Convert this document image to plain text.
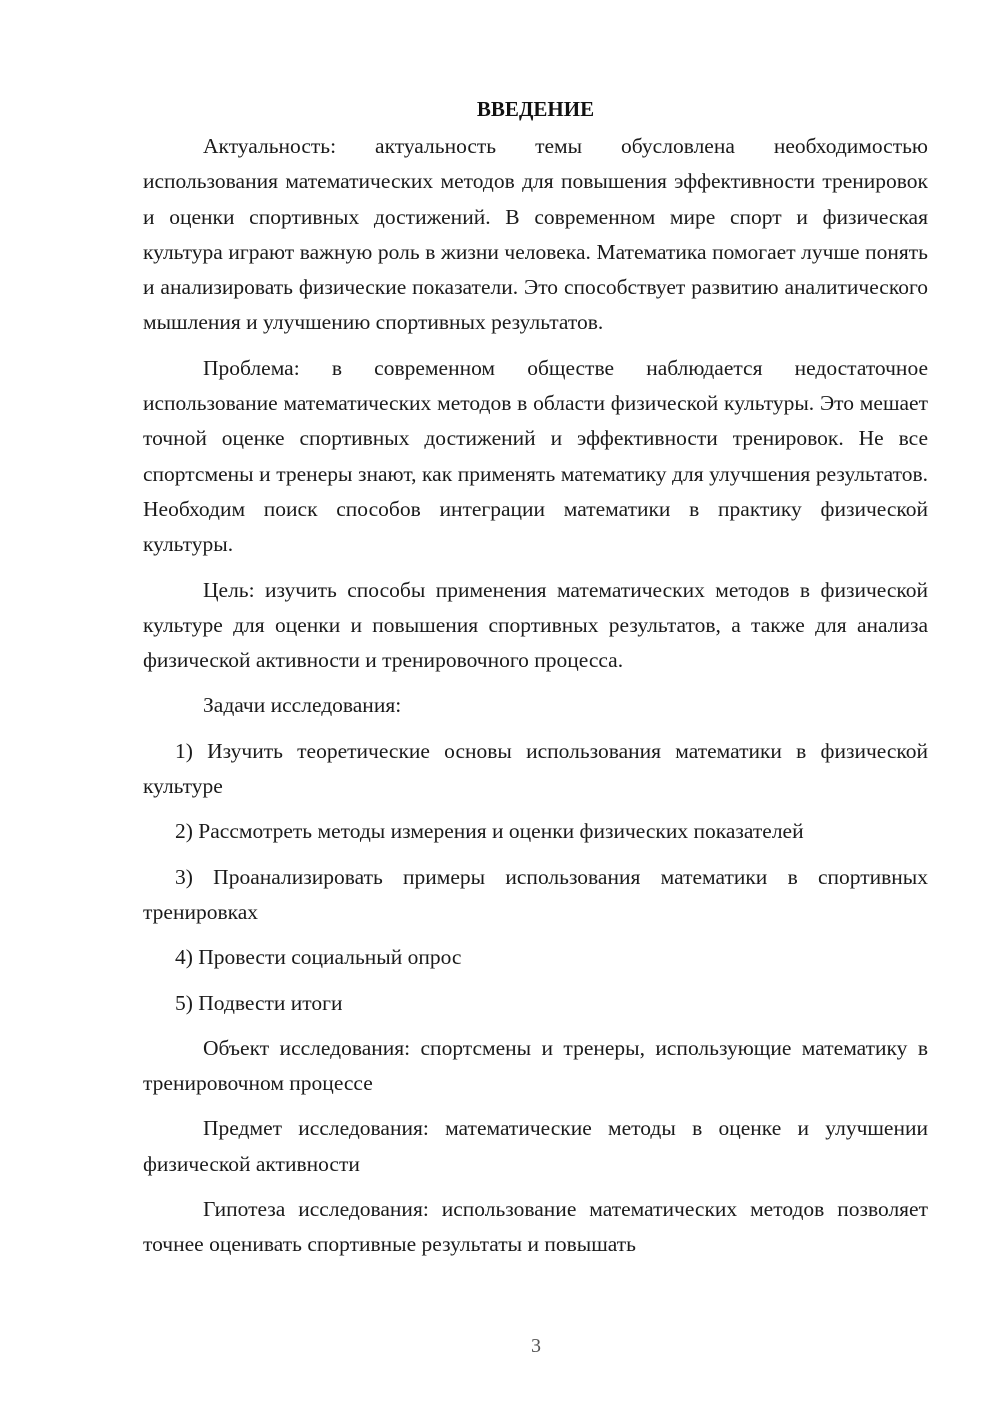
ВВЕДЕНИЕ

Актуальность: актуальность темы обусловлена необходимостью использования математических методов для повышения эффективности тренировок и оценки спортивных достижений. В современном мире спорт и физическая культура играют важную роль в жизни человека. Математика помогает лучше понять и анализировать физические показатели. Это способствует развитию аналитического мышления и улучшению спортивных результатов.

Проблема: в современном обществе наблюдается недостаточное использование математических методов в области физической культуры. Это мешает точной оценке спортивных достижений и эффективности тренировок. Не все спортсмены и тренеры знают, как применять математику для улучшения результатов. Необходим поиск способов интеграции математики в практику физической культуры.

Цель: изучить способы применения математических методов в физической культуре для оценки и повышения спортивных результатов, а также для анализа физической активности и тренировочного процесса.

Задачи исследования:

1) Изучить теоретические основы использования математики в физической культуре

2) Рассмотреть методы измерения и оценки физических показателей

3) Проанализировать примеры использования математики в спортивных тренировках

4) Провести социальный опрос

5) Подвести итоги

Объект исследования: спортсмены и тренеры, использующие математику в тренировочном процессе

Предмет исследования: математические методы в оценке и улучшении физической активности

Гипотеза исследования: использование математических методов позволяет точнее оценивать спортивные результаты и повышать

3
